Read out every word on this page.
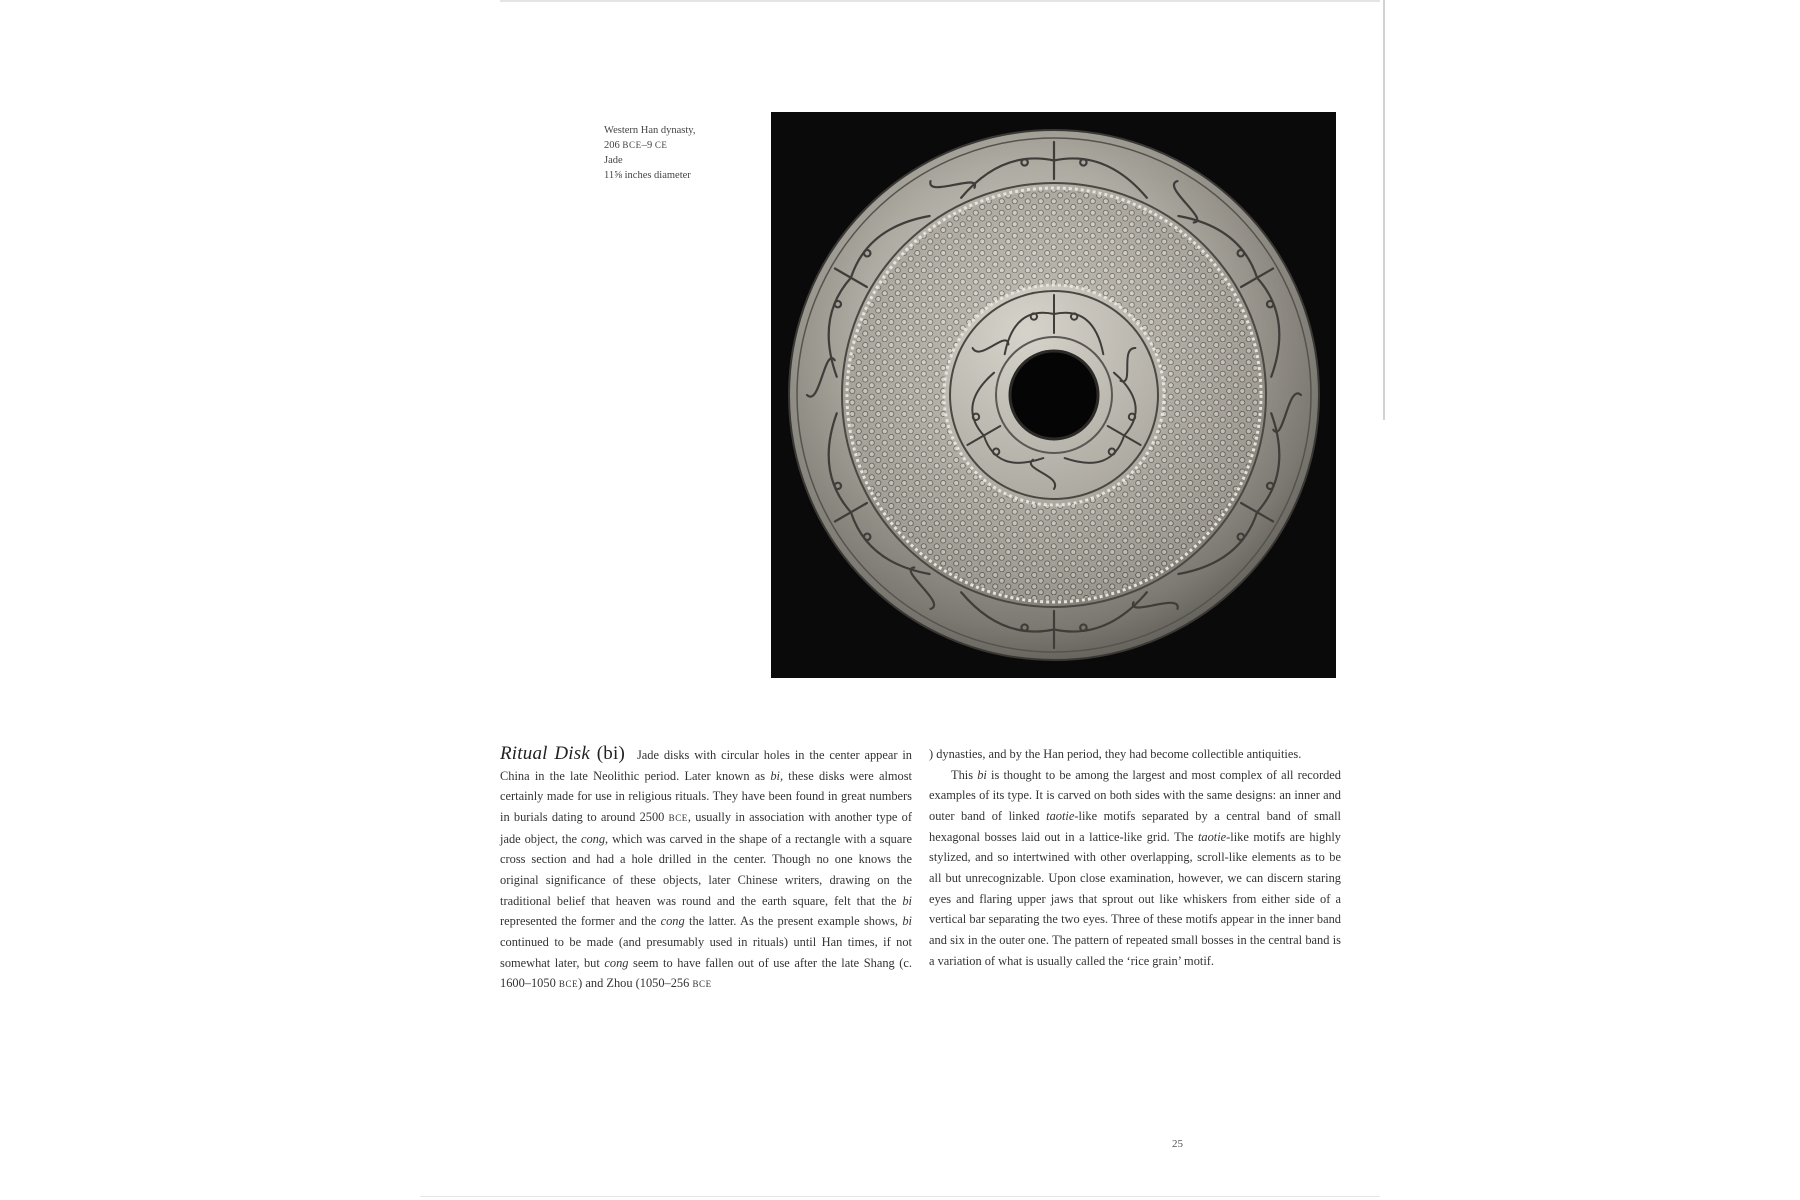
Western Han dynasty,
206 BCE–9 CE
Jade
11⅝ inches diameter

Ritual Disk (bi) Jade disks with circular holes in the center appear in China in the late Neolithic period. Later known as bi, these disks were almost certainly made for use in religious rituals. They have been found in great numbers in burials dating to around 2500 BCE, usually in association with another type of jade object, the cong, which was carved in the shape of a rectangle with a square cross section and had a hole drilled in the center. Though no one knows the original significance of these objects, later Chinese writers, drawing on the traditional belief that heaven was round and the earth square, felt that the bi represented the former and the cong the latter. As the present example shows, bi continued to be made (and presumably used in rituals) until Han times, if not somewhat later, but cong seem to have fallen out of use after the late Shang (c. 1600–1050 BCE) and Zhou (1050–256 BCE

) dynasties, and by the Han period, they had become collectible antiquities.

This bi is thought to be among the largest and most complex of all recorded examples of its type. It is carved on both sides with the same designs: an inner and outer band of linked taotie-like motifs separated by a central band of small hexagonal bosses laid out in a lattice-like grid. The taotie-like motifs are highly stylized, and so intertwined with other overlapping, scroll-like elements as to be all but unrecognizable. Upon close examination, however, we can discern staring eyes and flaring upper jaws that sprout out like whiskers from either side of a vertical bar separating the two eyes. Three of these motifs appear in the inner band and six in the outer one. The pattern of repeated small bosses in the central band is a variation of what is usually called the ‘rice grain’ motif.

25
